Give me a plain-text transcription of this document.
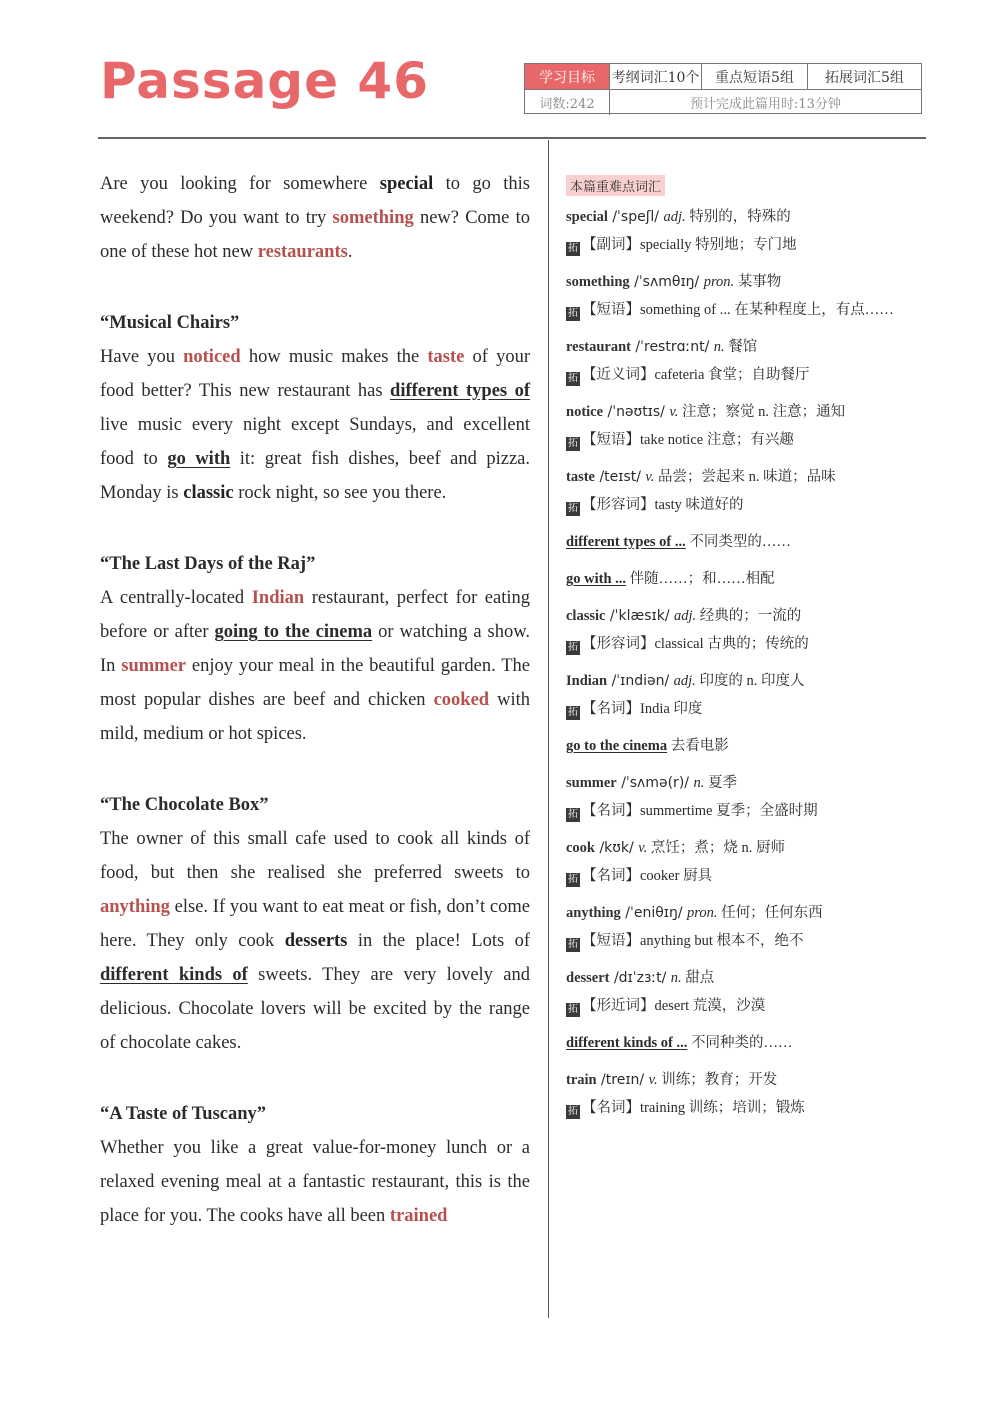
Passage 46	学习目标	考纲词汇10个	重点短语5组	拓展词汇5组
词数:242	预计完成此篇用时:13分钟

Are you looking for somewhere special to go this weekend? Do you want to try something new? Come to one of these hot new restaurants.

“Musical Chairs”

Have you noticed how music makes the taste of your food better? This new restaurant has different types of live music every night except Sundays, and excellent food to go with it: great fish dishes, beef and pizza. Monday is classic rock night, so see you there.

“The Last Days of the Raj”

A centrally-located Indian restaurant, perfect for eating before or after going to the cinema or watching a show. In summer enjoy your meal in the beautiful garden. The most popular dishes are beef and chicken cooked with mild, medium or hot spices.

“The Chocolate Box”

The owner of this small cafe used to cook all kinds of food, but then she realised she preferred sweets to anything else. If you want to eat meat or fish, don’t come here. They only cook desserts in the place! Lots of different kinds of sweets. They are very lovely and delicious. Chocolate lovers will be excited by the range of chocolate cakes.

“A Taste of Tuscany”

Whether you like a great value-for-money lunch or a relaxed evening meal at a fantastic restaurant, this is the place for you. The cooks have all been trained

本篇重难点词汇
special /ˈspeʃl/ adj. 特别的，特殊的
拓 【副词】specially 特别地；专门地
something /ˈsʌmθɪŋ/ pron. 某事物
拓 【短语】something of ... 在某种程度上，有点……
restaurant /ˈrestrɑːnt/ n. 餐馆
拓 【近义词】cafeteria 食堂；自助餐厅
notice /ˈnəʊtɪs/ v. 注意；察觉 n. 注意；通知
拓 【短语】take notice 注意；有兴趣
taste /teɪst/ v. 品尝；尝起来 n. 味道；品味
拓 【形容词】tasty 味道好的
different types of ... 不同类型的……
go with ... 伴随……；和……相配
classic /ˈklæsɪk/ adj. 经典的；一流的
拓 【形容词】classical 古典的；传统的
Indian /ˈɪndiən/ adj. 印度的 n. 印度人
拓 【名词】India 印度
go to the cinema 去看电影
summer /ˈsʌmə(r)/ n. 夏季
拓 【名词】summertime 夏季；全盛时期
cook /kʊk/ v. 烹饪；煮；烧 n. 厨师
拓 【名词】cooker 厨具
anything /ˈeniθɪŋ/ pron. 任何；任何东西
拓 【短语】anything but 根本不，绝不
dessert /dɪˈzɜːt/ n. 甜点
拓 【形近词】desert 荒漠，沙漠
different kinds of ... 不同种类的……
train /treɪn/ v. 训练；教育；开发
拓 【名词】training 训练；培训；锻炼
